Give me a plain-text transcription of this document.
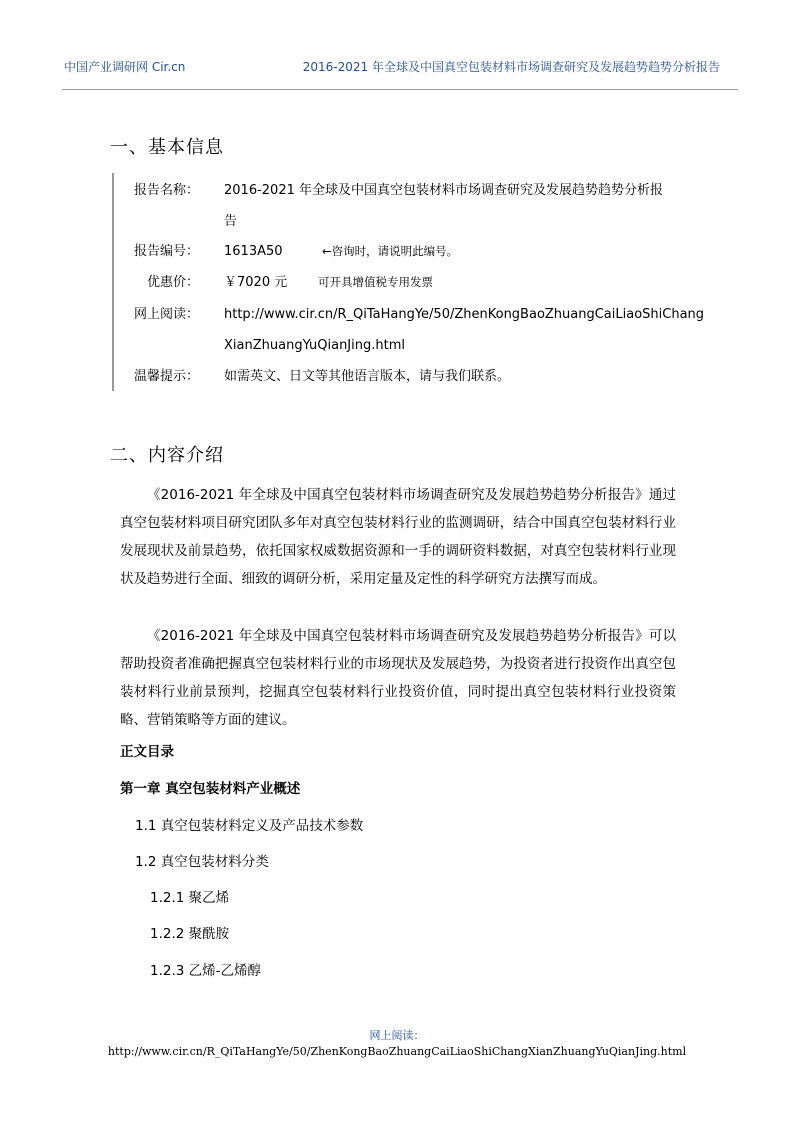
中国产业调研网 Cir.cn	2016-2021 年全球及中国真空包装材料市场调查研究及发展趋势趋势分析报告
一、基本信息
报告名称： 2016-2021 年全球及中国真空包装材料市场调查研究及发展趋势趋势分析报
告
报告编号： 1613A50	←咨询时，请说明此编号。
优惠价： ￥7020 元	可开具增值税专用发票
网上阅读： http://www.cir.cn/R_QiTaHangYe/50/ZhenKongBaoZhuangCaiLiaoShiChang
XianZhuangYuQianJing.html
温馨提示： 如需英文、日文等其他语言版本，请与我们联系。
二、内容介绍
《2016-2021 年全球及中国真空包装材料市场调查研究及发展趋势趋势分析报告》通过真空包装材料项目研究团队多年对真空包装材料行业的监测调研，结合中国真空包装材料行业发展现状及前景趋势，依托国家权威数据资源和一手的调研资料数据，对真空包装材料行业现状及趋势进行全面、细致的调研分析，采用定量及定性的科学研究方法撰写而成。
《2016-2021 年全球及中国真空包装材料市场调查研究及发展趋势趋势分析报告》可以帮助投资者准确把握真空包装材料行业的市场现状及发展趋势，为投资者进行投资作出真空包装材料行业前景预判，挖掘真空包装材料行业投资价值，同时提出真空包装材料行业投资策略、营销策略等方面的建议。
正文目录
第一章 真空包装材料产业概述
1.1 真空包装材料定义及产品技术参数
1.2 真空包装材料分类
1.2.1 聚乙烯
1.2.2 聚酰胺
1.2.3 乙烯-乙烯醇
网上阅读：
http://www.cir.cn/R_QiTaHangYe/50/ZhenKongBaoZhuangCaiLiaoShiChangXianZhuangYuQianJing.html
